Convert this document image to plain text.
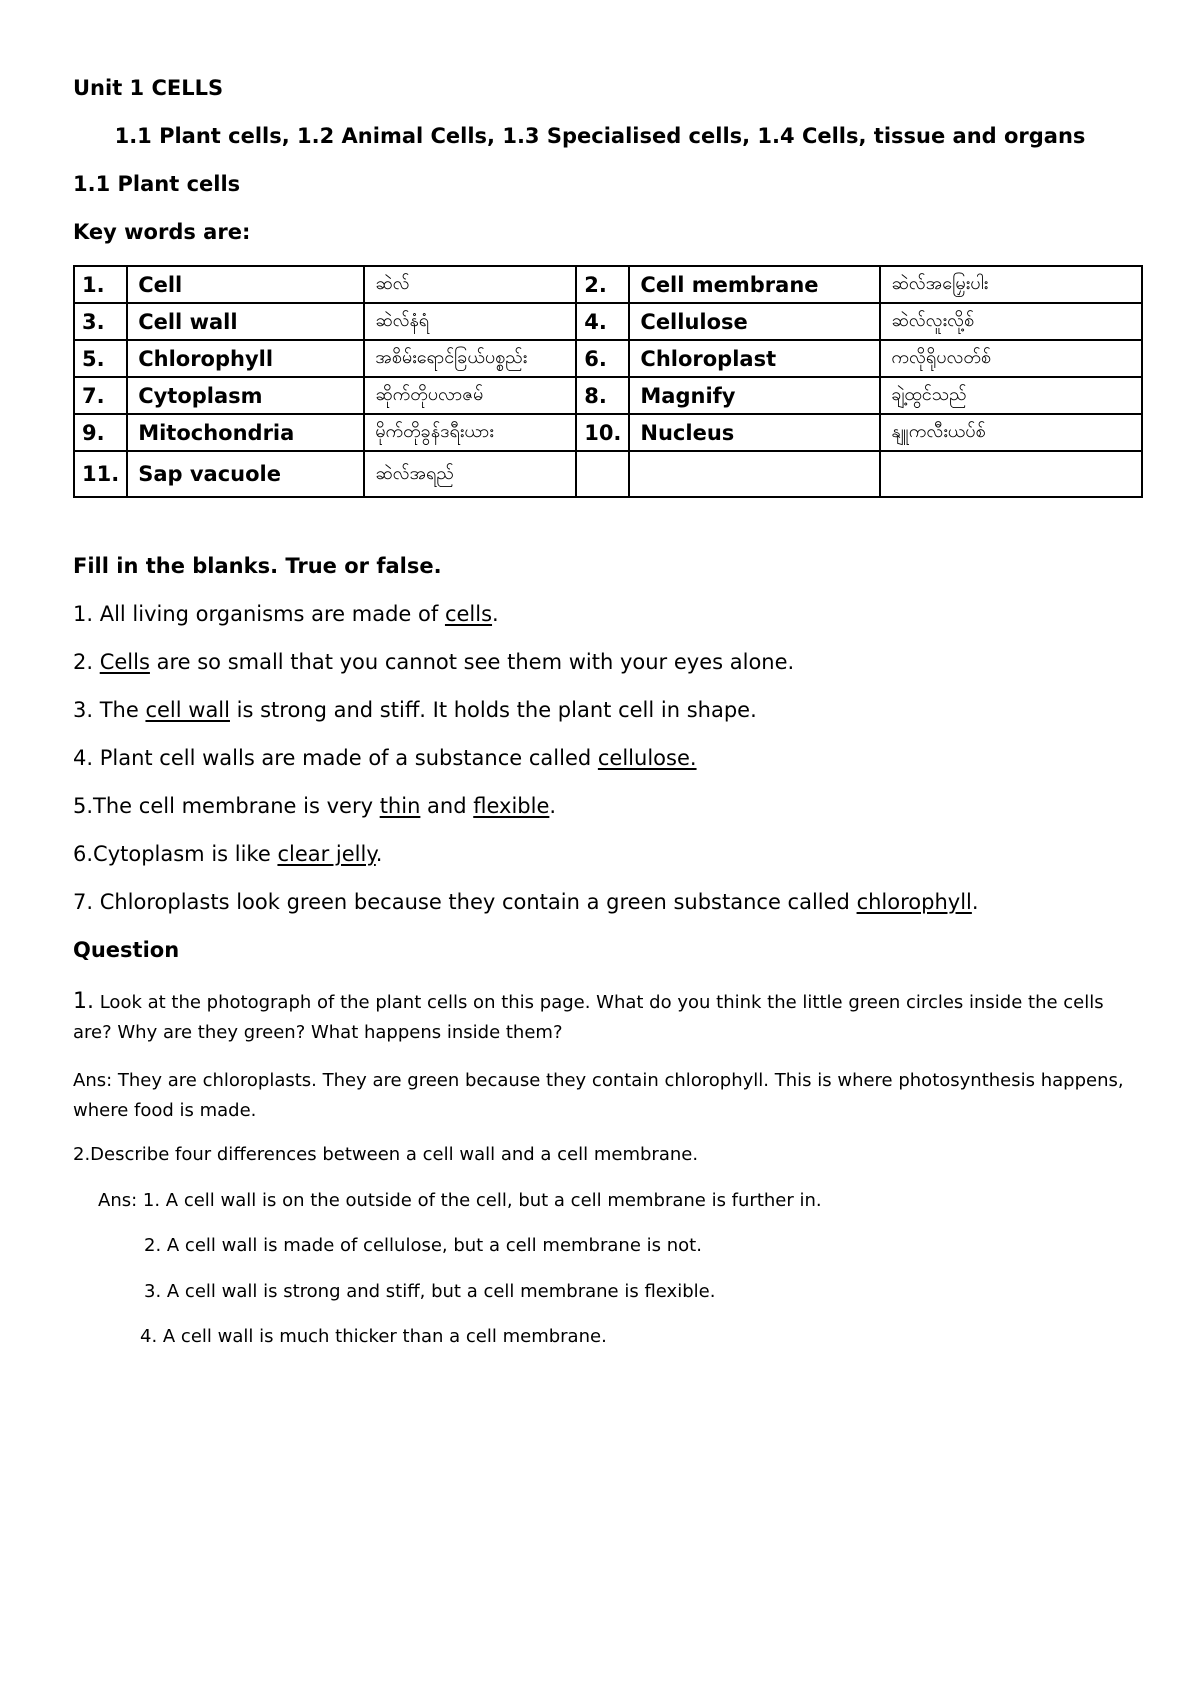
Unit 1 CELLS
1.1 Plant cells, 1.2 Animal Cells, 1.3 Specialised cells, 1.4 Cells, tissue and organs
1.1 Plant cells
Key words are:
1.	Cell	ဆဲလ်	2.	Cell membrane	ဆဲလ်အမြှေးပါး
3.	Cell wall	ဆဲလ်နံရံ	4.	Cellulose	ဆဲလ်လူးလို့စ်
5.	Chlorophyll	အစိမ်းရောင်ခြယ်ပစ္စည်း	6.	Chloroplast	ကလိုရိုပလတ်စ်
7.	Cytoplasm	ဆိုက်တိုပလာဇမ်	8.	Magnify	ချဲ့ထွင်သည်
9.	Mitochondria	မိုက်တိုခွန်ဒရီးယား	10.	Nucleus	နျူကလီးယပ်စ်
11.	Sap vacuole	ဆဲလ်အရည်			
Fill in the blanks. True or false.
1. All living organisms are made of cells.
2. Cells are so small that you cannot see them with your eyes alone.
3. The cell wall is strong and stiff. It holds the plant cell in shape.
4. Plant cell walls are made of a substance called cellulose.
5.The cell membrane is very thin and flexible.
6.Cytoplasm is like clear jelly.
7. Chloroplasts look green because they contain a green substance called chlorophyll.
Question
1. Look at the photograph of the plant cells on this page. What do you think the little green circles inside the cells are? Why are they green? What happens inside them?
Ans: They are chloroplasts. They are green because they contain chlorophyll. This is where photosynthesis happens, where food is made.
2.Describe four differences between a cell wall and a cell membrane.
Ans: 1. A cell wall is on the outside of the cell, but a cell membrane is further in.
2. A cell wall is made of cellulose, but a cell membrane is not.
3. A cell wall is strong and stiff, but a cell membrane is flexible.
4. A cell wall is much thicker than a cell membrane.
